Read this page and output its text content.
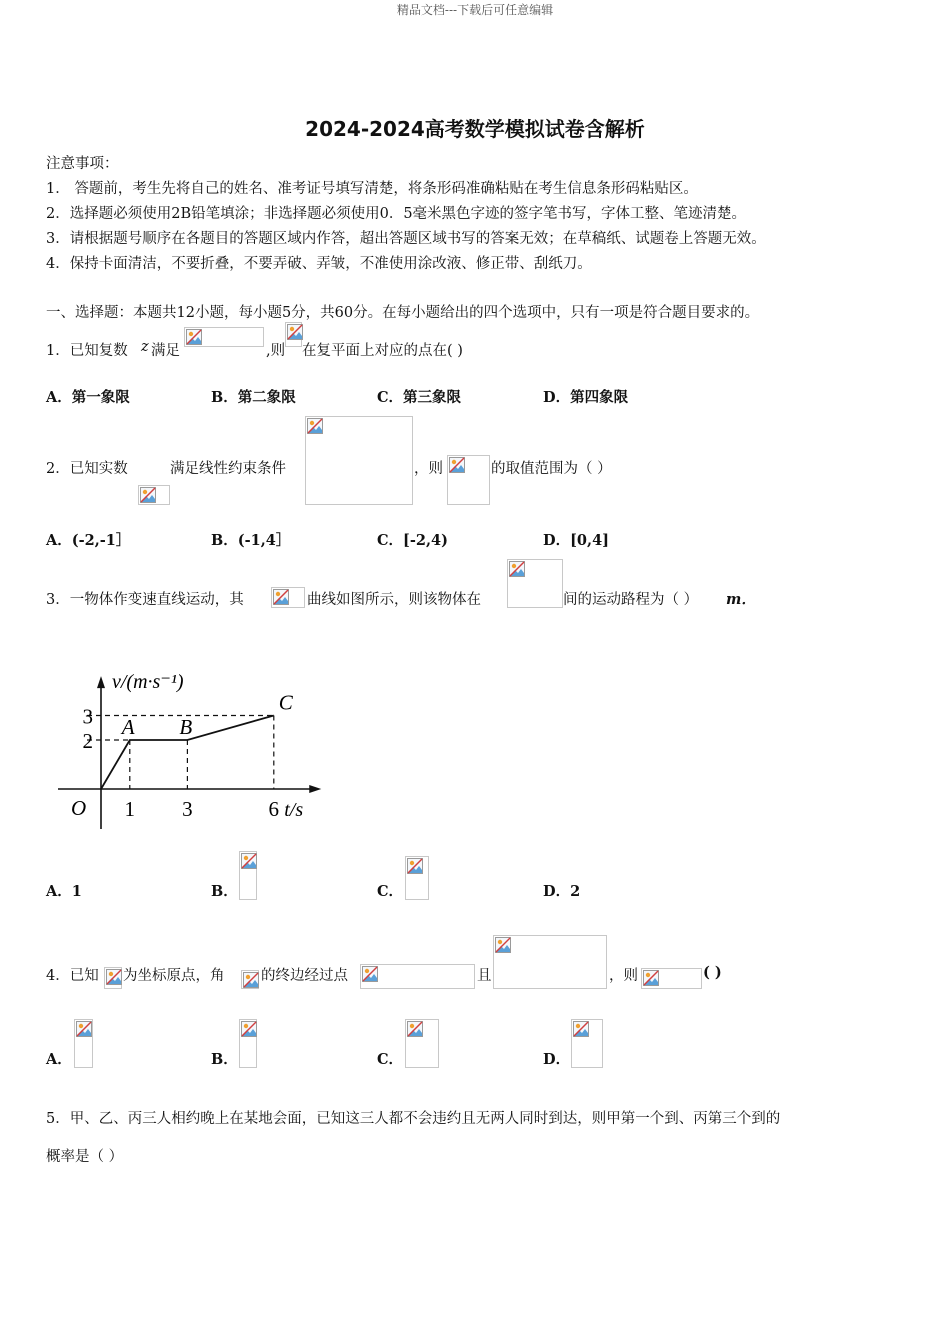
精品文档---下载后可任意编辑
2024-2024高考数学模拟试卷含解析
注意事项：
1． 答题前，考生先将自己的姓名、准考证号填写清楚，将条形码准确粘贴在考生信息条形码粘贴区。
2．选择题必须使用2B铅笔填涂；非选择题必须使用0．5毫米黑色字迹的签字笔书写，字体工整、笔迹清楚。
3．请根据题号顺序在各题目的答题区域内作答，超出答题区域书写的答案无效；在草稿纸、试题卷上答题无效。
4．保持卡面清洁，不要折叠，不要弄破、弄皱，不准使用涂改液、修正带、刮纸刀。
一、选择题：本题共12小题，每小题5分，共60分。在每小题给出的四个选项中，只有一项是符合题目要求的。
1．已知复数 z 满足	,则 在复平面上对应的点在( )
A．第一象限	B．第二象限	C．第三象限	D．第四象限
2．已知实数	满足线性约束条件	，则	的取值范围为（ ）
A．(-2,-1］	B．(-1,4］	C．[-2,4)	D．[0,4]
3．一物体作变速直线运动，其	曲线如图所示，则该物体在	间的运动路程为（ ） m．
v/(m·s⁻¹)
t/s
O 1 3	6
2
3 A B
C
A．1	B．	C．	D．2
4．已知 为坐标原点，角	的终边经过点	且	，则	( )
A．	B．	C．	D．
5．甲、乙、丙三人相约晚上在某地会面，已知这三人都不会违约且无两人同时到达，则甲第一个到、丙第三个到的
概率是（ ）
